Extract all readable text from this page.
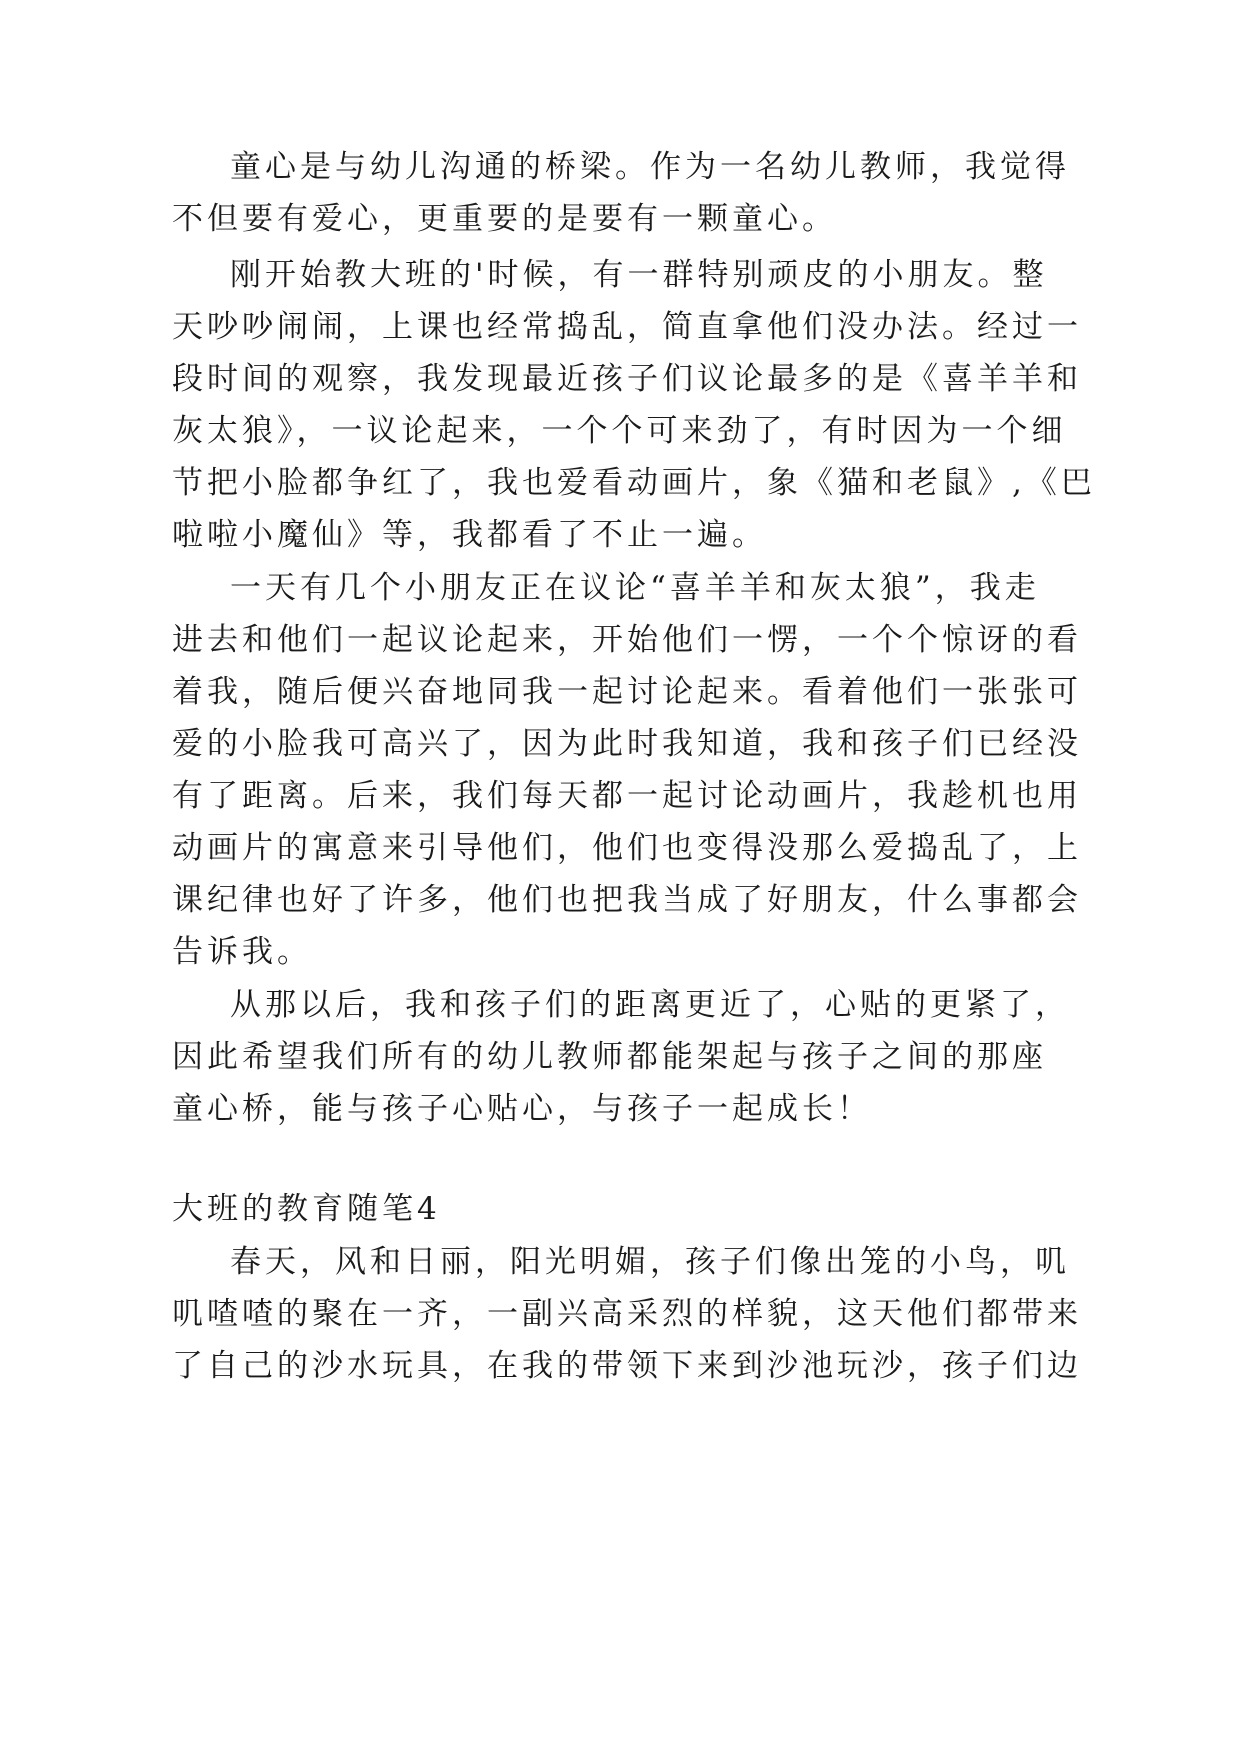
童心是与幼儿沟通的桥梁。作为一名幼儿教师，我觉得
不但要有爱心，更重要的是要有一颗童心。
刚开始教大班的'时候，有一群特别顽皮的小朋友。整
天吵吵闹闹，上课也经常捣乱，简直拿他们没办法。经过一
段时间的观察，我发现最近孩子们议论最多的是《喜羊羊和
灰太狼》，一议论起来，一个个可来劲了，有时因为一个细
节把小脸都争红了，我也爱看动画片，象《猫和老鼠》,《巴
啦啦小魔仙》等，我都看了不止一遍。
一天有几个小朋友正在议论“喜羊羊和灰太狼”，我走
进去和他们一起议论起来，开始他们一愣，一个个惊讶的看
着我，随后便兴奋地同我一起讨论起来。看着他们一张张可
爱的小脸我可高兴了，因为此时我知道，我和孩子们已经没
有了距离。后来，我们每天都一起讨论动画片，我趁机也用
动画片的寓意来引导他们，他们也变得没那么爱捣乱了，上
课纪律也好了许多，他们也把我当成了好朋友，什么事都会
告诉我。
从那以后，我和孩子们的距离更近了，心贴的更紧了，
因此希望我们所有的幼儿教师都能架起与孩子之间的那座
童心桥，能与孩子心贴心，与孩子一起成长！
大班的教育随笔4
春天，风和日丽，阳光明媚，孩子们像出笼的小鸟，叽
叽喳喳的聚在一齐，一副兴高采烈的样貌，这天他们都带来
了自己的沙水玩具，在我的带领下来到沙池玩沙，孩子们边
